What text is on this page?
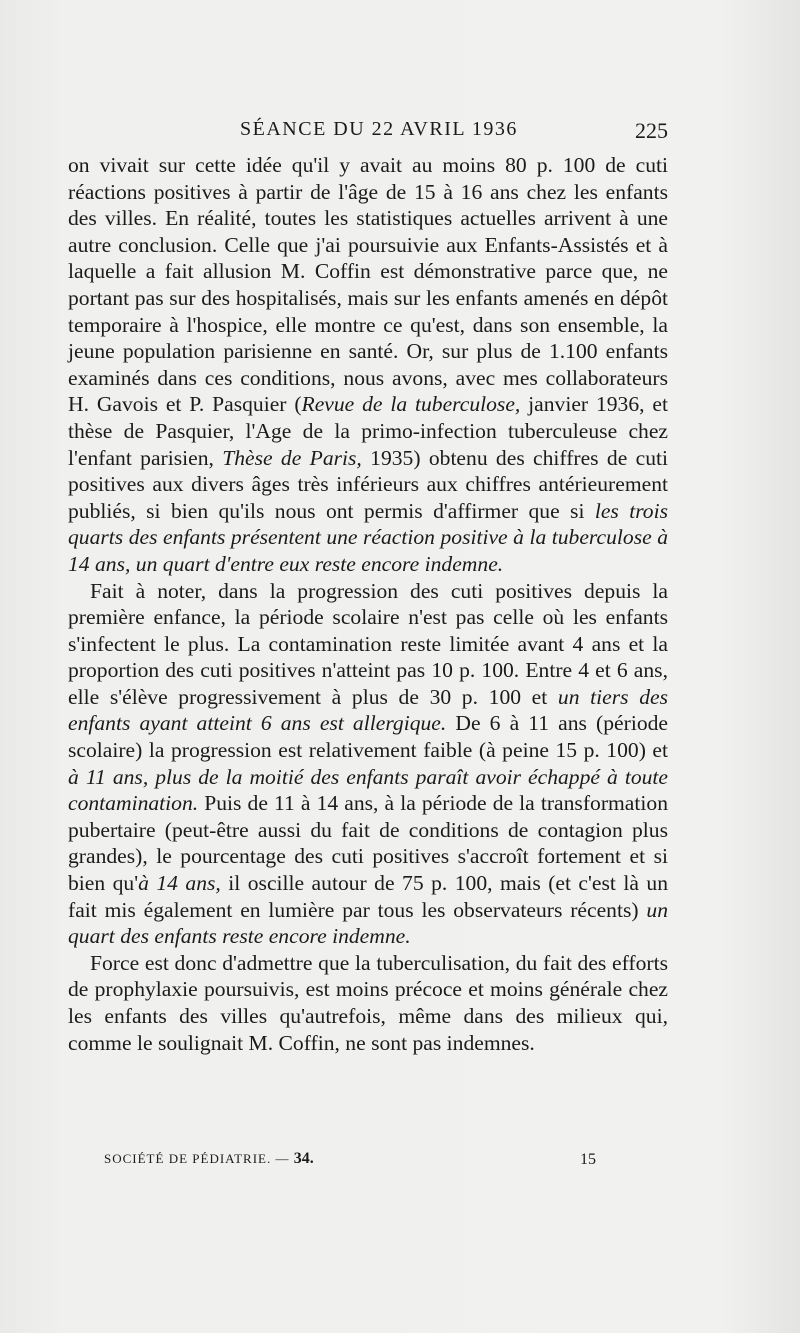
SÉANCE DU 22 AVRIL 1936	225

on vivait sur cette idée qu'il y avait au moins 80 p. 100 de cuti réactions positives à partir de l'âge de 15 à 16 ans chez les enfants des villes. En réalité, toutes les statistiques actuelles arrivent à une autre conclusion. Celle que j'ai poursuivie aux Enfants-Assistés et à laquelle a fait allusion M. Coffin est démonstrative parce que, ne portant pas sur des hospitalisés, mais sur les enfants amenés en dépôt temporaire à l'hospice, elle montre ce qu'est, dans son ensemble, la jeune population parisienne en santé. Or, sur plus de 1.100 enfants examinés dans ces conditions, nous avons, avec mes collaborateurs H. Gavois et P. Pasquier (Revue de la tuberculose, janvier 1936, et thèse de Pasquier, l'Age de la primo-infection tuberculeuse chez l'enfant parisien, Thèse de Paris, 1935) obtenu des chiffres de cuti positives aux divers âges très inférieurs aux chiffres antérieurement publiés, si bien qu'ils nous ont permis d'affirmer que si les trois quarts des enfants présentent une réaction positive à la tuberculose à 14 ans, un quart d'entre eux reste encore indemne.

Fait à noter, dans la progression des cuti positives depuis la première enfance, la période scolaire n'est pas celle où les enfants s'infectent le plus. La contamination reste limitée avant 4 ans et la proportion des cuti positives n'atteint pas 10 p. 100. Entre 4 et 6 ans, elle s'élève progressivement à plus de 30 p. 100 et un tiers des enfants ayant atteint 6 ans est allergique. De 6 à 11 ans (période scolaire) la progression est relativement faible (à peine 15 p. 100) et à 11 ans, plus de la moitié des enfants paraît avoir échappé à toute contamination. Puis de 11 à 14 ans, à la période de la transformation pubertaire (peut-être aussi du fait de conditions de contagion plus grandes), le pourcentage des cuti positives s'accroît fortement et si bien qu'à 14 ans, il oscille autour de 75 p. 100, mais (et c'est là un fait mis également en lumière par tous les observateurs récents) un quart des enfants reste encore indemne.

Force est donc d'admettre que la tuberculisation, du fait des efforts de prophylaxie poursuivis, est moins précoce et moins générale chez les enfants des villes qu'autrefois, même dans des milieux qui, comme le soulignait M. Coffin, ne sont pas indemnes.

SOCIÉTÉ DE PÉDIATRIE. — 34.	15
